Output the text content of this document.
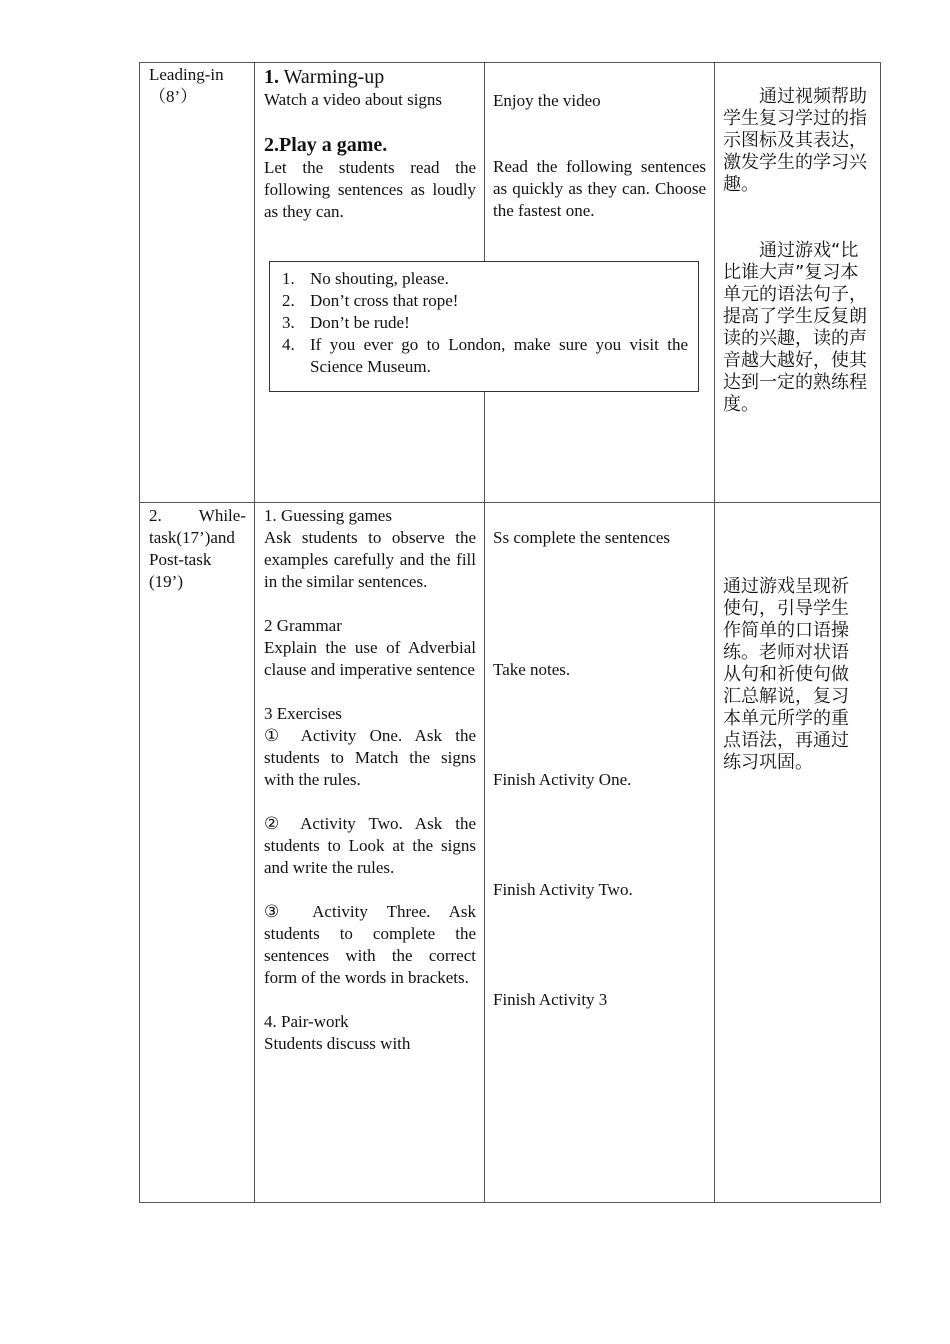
Leading-in
（8’）
1. Warming-up
Watch a video about signs
2.Play a game.
Let the students read the following sentences as loudly as they can.
Enjoy the video
Read the following sentences as quickly as they can. Choose the fastest one.
通过视频帮助学生复习学过的指示图标及其表达，激发学生的学习兴趣。
通过游戏“比比谁大声”复习本单元的语法句子，提高了学生反复朗读的兴趣，读的声音越大越好，使其达到一定的熟练程度。
1. No shouting, please.
2. Don’t cross that rope!
3. Don’t be rude!
4. If you ever go to London, make sure you visit the Science Museum.
2. While-task(17’)and Post-task (19’)
1. Guessing games
Ask students to observe the examples carefully and the fill in the similar sentences.
2 Grammar
Explain the use of Adverbial clause and imperative sentence
3 Exercises
① Activity One. Ask the students to Match the signs with the rules.
② Activity Two. Ask the students to Look at the signs and write the rules.
③ Activity Three. Ask students to complete the sentences with the correct form of the words in brackets.
4. Pair-work
Students discuss with
Ss complete the sentences
Take notes.
Finish Activity One.
Finish Activity Two.
Finish Activity 3
通过游戏呈现祈使句，引导学生作简单的口语操练。老师对状语从句和祈使句做汇总解说，复习本单元所学的重点语法，再通过练习巩固。
